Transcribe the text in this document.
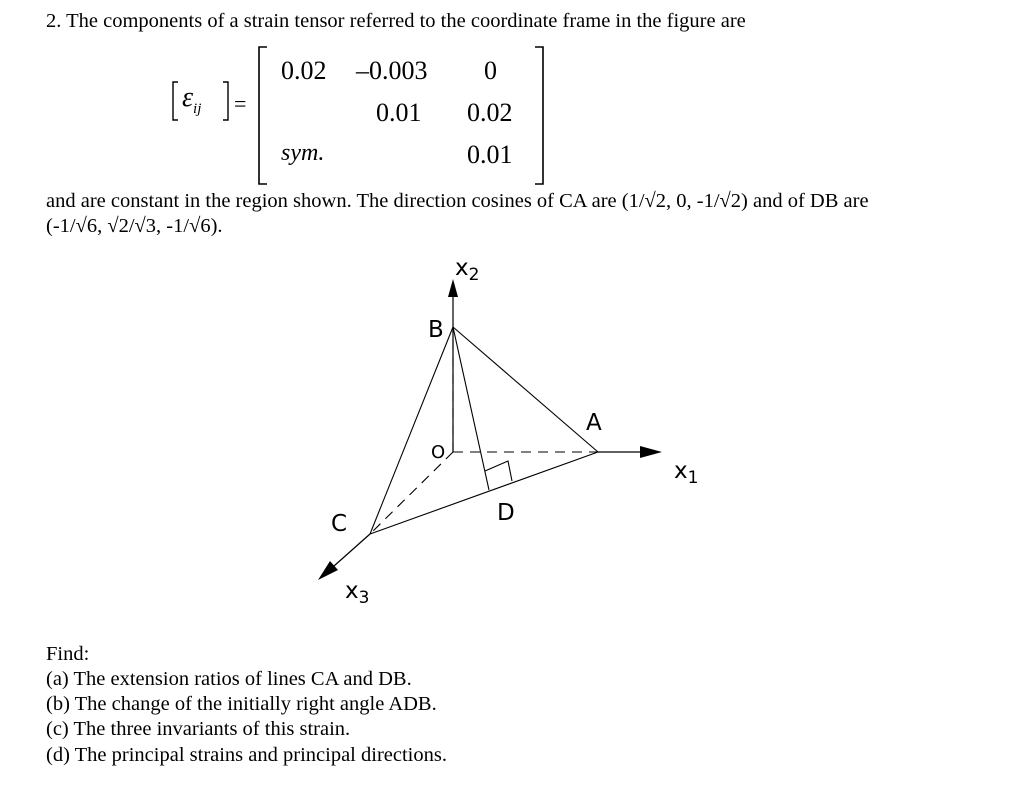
2. The components of a strain tensor referred to the coordinate frame in the figure are
εij =
0.02 –0.003 0
0.01 0.02
sym.	0.01
and are constant in the region shown. The direction cosines of CA are (1/√2, 0, -1/√2) and of DB are
(-1/√6, √2/√3, -1/√6).
B
A
C	D
O
$x_2$
$x_1$
$x_3$
Find:
(a) The extension ratios of lines CA and DB.
(b) The change of the initially right angle ADB.
(c) The three invariants of this strain.
(d) The principal strains and principal directions.
